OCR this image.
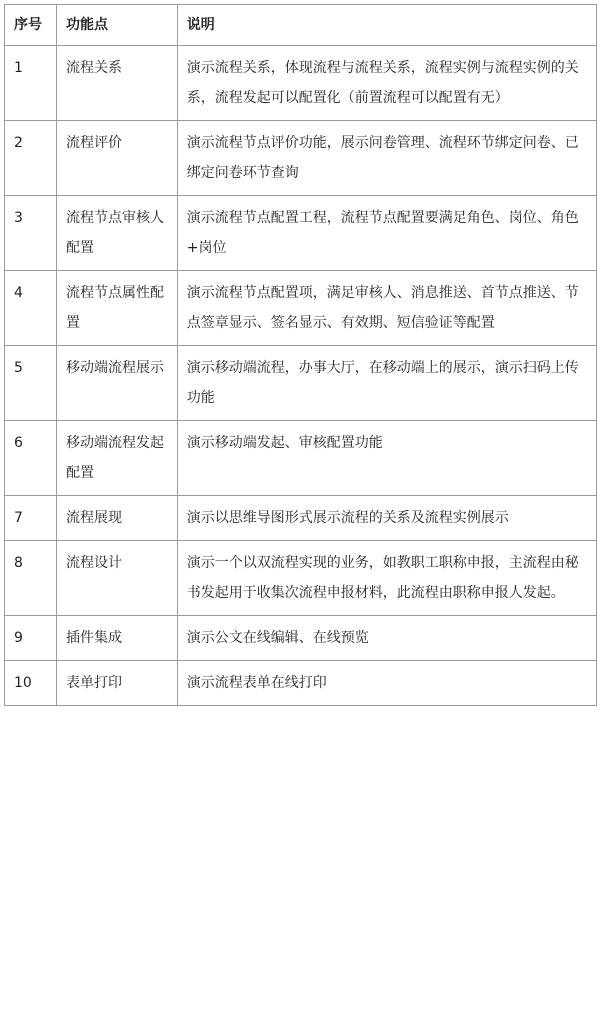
序号	功能点	说明
1	流程关系	演示流程关系，体现流程与流程关系，流程实例与流程实例的关系，流程发起可以配置化（前置流程可以配置有无）
2	流程评价	演示流程节点评价功能，展示问卷管理、流程环节绑定问卷、已绑定问卷环节查询
3	流程节点审核人配置	演示流程节点配置工程，流程节点配置要满足角色、岗位、角色+岗位
4	流程节点属性配置	演示流程节点配置项，满足审核人、消息推送、首节点推送、节点签章显示、签名显示、有效期、短信验证等配置
5	移动端流程展示	演示移动端流程，办事大厅，在移动端上的展示，演示扫码上传功能
6	移动端流程发起配置	演示移动端发起、审核配置功能
7	流程展现	演示以思维导图形式展示流程的关系及流程实例展示
8	流程设计	演示一个以双流程实现的业务，如教职工职称申报，主流程由秘书发起用于收集次流程申报材料，此流程由职称申报人发起。
9	插件集成	演示公文在线编辑、在线预览
10	表单打印	演示流程表单在线打印
